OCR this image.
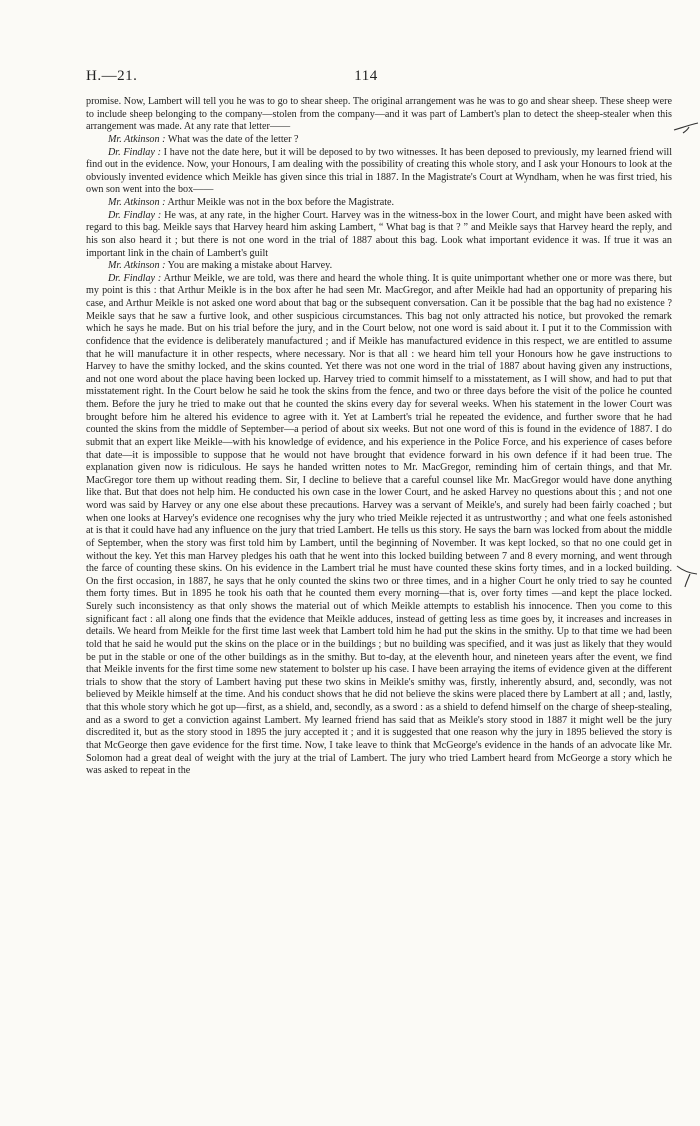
H.—21.	114

promise. Now, Lambert will tell you he was to go to shear sheep. The original arrangement was he was to go and shear sheep. These sheep were to include sheep belonging to the company—stolen from the company—and it was part of Lambert's plan to detect the sheep-stealer when this arrangement was made. At any rate that letter——

Mr. Atkinson : What was the date of the letter ?

Dr. Findlay : I have not the date here, but it will be deposed to by two witnesses. It has been deposed to previously, my learned friend will find out in the evidence. Now, your Honours, I am dealing with the possibility of creating this whole story, and I ask your Honours to look at the obviously invented evidence which Meikle has given since this trial in 1887. In the Magistrate's Court at Wyndham, when he was first tried, his own son went into the box——

Mr. Atkinson : Arthur Meikle was not in the box before the Magistrate.

Dr. Findlay : He was, at any rate, in the higher Court. Harvey was in the witness-box in the lower Court, and might have been asked with regard to this bag. Meikle says that Harvey heard him asking Lambert, “ What bag is that ? ” and Meikle says that Harvey heard the reply, and his son also heard it ; but there is not one word in the trial of 1887 about this bag. Look what important evidence it was. If true it was an important link in the chain of Lambert's guilt

Mr. Atkinson : You are making a mistake about Harvey.

Dr. Findlay : Arthur Meikle, we are told, was there and heard the whole thing. It is quite unimportant whether one or more was there, but my point is this : that Arthur Meikle is in the box after he had seen Mr. MacGregor, and after Meikle had had an opportunity of preparing his case, and Arthur Meikle is not asked one word about that bag or the subsequent conversation. Can it be possible that the bag had no existence ? Meikle says that he saw a furtive look, and other suspicious circumstances. This bag not only attracted his notice, but provoked the remark which he says he made. But on his trial before the jury, and in the Court below, not one word is said about it. I put it to the Commission with confidence that the evidence is deliberately manufactured ; and if Meikle has manufactured evidence in this respect, we are entitled to assume that he will manufacture it in other respects, where necessary. Nor is that all : we heard him tell your Honours how he gave instructions to Harvey to have the smithy locked, and the skins counted. Yet there was not one word in the trial of 1887 about having given any instructions, and not one word about the place having been locked up. Harvey tried to commit himself to a misstatement, as I will show, and had to put that misstatement right. In the Court below he said he took the skins from the fence, and two or three days before the visit of the police he counted them. Before the jury he tried to make out that he counted the skins every day for several weeks. When his statement in the lower Court was brought before him he altered his evidence to agree with it. Yet at Lambert's trial he repeated the evidence, and further swore that he had counted the skins from the middle of September—a period of about six weeks. But not one word of this is found in the evidence of 1887. I do submit that an expert like Meikle—with his knowledge of evidence, and his experience in the Police Force, and his experience of cases before that date—it is impossible to suppose that he would not have brought that evidence forward in his own defence if it had been true. The explanation given now is ridiculous. He says he handed written notes to Mr. MacGregor, reminding him of certain things, and that Mr. MacGregor tore them up without reading them. Sir, I decline to believe that a careful counsel like Mr. MacGregor would have done anything like that. But that does not help him. He conducted his own case in the lower Court, and he asked Harvey no questions about this ; and not one word was said by Harvey or any one else about these precautions. Harvey was a servant of Meikle's, and surely had been fairly coached ; but when one looks at Harvey's evidence one recognises why the jury who tried Meikle rejected it as untrustworthy ; and what one feels astonished at is that it could have had any influence on the jury that tried Lambert. He tells us this story. He says the barn was locked from about the middle of September, when the story was first told him by Lambert, until the beginning of November. It was kept locked, so that no one could get in without the key. Yet this man Harvey pledges his oath that he went into this locked building between 7 and 8 every morning, and went through the farce of counting these skins. On his evidence in the Lambert trial he must have counted these skins forty times, and in a locked building. On the first occasion, in 1887, he says that he only counted the skins two or three times, and in a higher Court he only tried to say he counted them forty times. But in 1895 he took his oath that he counted them every morning—that is, over forty times —and kept the place locked. Surely such inconsistency as that only shows the material out of which Meikle attempts to establish his innocence. Then you come to this significant fact : all along one finds that the evidence that Meikle adduces, instead of getting less as time goes by, it increases and increases in details. We heard from Meikle for the first time last week that Lambert told him he had put the skins in the smithy. Up to that time we had been told that he said he would put the skins on the place or in the buildings ; but no building was specified, and it was just as likely that they would be put in the stable or one of the other buildings as in the smithy. But to-day, at the eleventh hour, and nineteen years after the event, we find that Meikle invents for the first time some new statement to bolster up his case. I have been arraying the items of evidence given at the different trials to show that the story of Lambert having put these two skins in Meikle's smithy was, firstly, inherently absurd, and, secondly, was not believed by Meikle himself at the time. And his conduct shows that he did not believe the skins were placed there by Lambert at all ; and, lastly, that this whole story which he got up—first, as a shield, and, secondly, as a sword : as a shield to defend himself on the charge of sheep-stealing, and as a sword to get a conviction against Lambert. My learned friend has said that as Meikle's story stood in 1887 it might well be the jury discredited it, but as the story stood in 1895 the jury accepted it ; and it is suggested that one reason why the jury in 1895 believed the story is that McGeorge then gave evidence for the first time. Now, I take leave to think that McGeorge's evidence in the hands of an advocate like Mr. Solomon had a great deal of weight with the jury at the trial of Lambert. The jury who tried Lambert heard from McGeorge a story which he was asked to repeat in the
